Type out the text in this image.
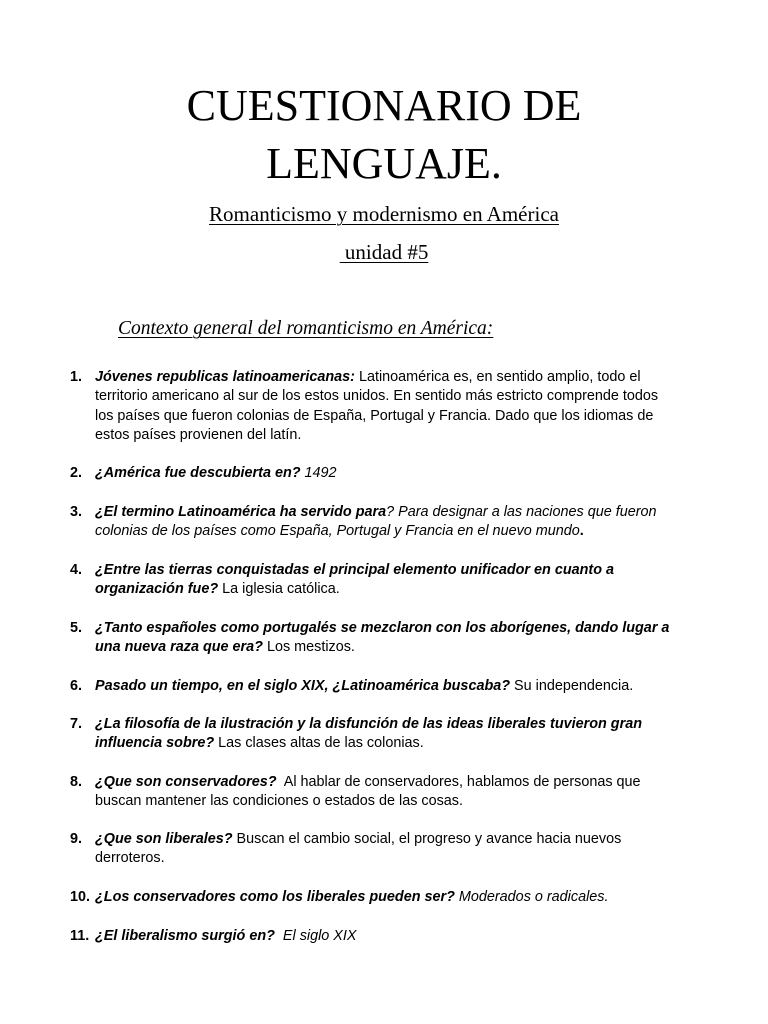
CUESTIONARIO DE
LENGUAJE.
Romanticismo y modernismo en América
unidad #5
Contexto general del romanticismo en América:
1. Jóvenes republicas latinoamericanas: Latinoamérica es, en sentido amplio, todo el
territorio americano al sur de los estos unidos. En sentido más estricto comprende todos
los países que fueron colonias de España, Portugal y Francia. Dado que los idiomas de
estos países provienen del latín.
2. ¿América fue descubierta en? 1492
3. ¿El termino Latinoamérica ha servido para? Para designar a las naciones que fueron
colonias de los países como España, Portugal y Francia en el nuevo mundo.
4. ¿Entre las tierras conquistadas el principal elemento unificador en cuanto a
organización fue? La iglesia católica.
5. ¿Tanto españoles como portugalés se mezclaron con los aborígenes, dando lugar a
una nueva raza que era? Los mestizos.
6. Pasado un tiempo, en el siglo XIX, ¿Latinoamérica buscaba? Su independencia.
7. ¿La filosofía de la ilustración y la disfunción de las ideas liberales tuvieron gran
influencia sobre? Las clases altas de las colonias.
8. ¿Que son conservadores?  Al hablar de conservadores, hablamos de personas que
buscan mantener las condiciones o estados de las cosas.
9. ¿Que son liberales? Buscan el cambio social, el progreso y avance hacia nuevos
derroteros.
10. ¿Los conservadores como los liberales pueden ser? Moderados o radicales.
11. ¿El liberalismo surgió en?  El siglo XIX
